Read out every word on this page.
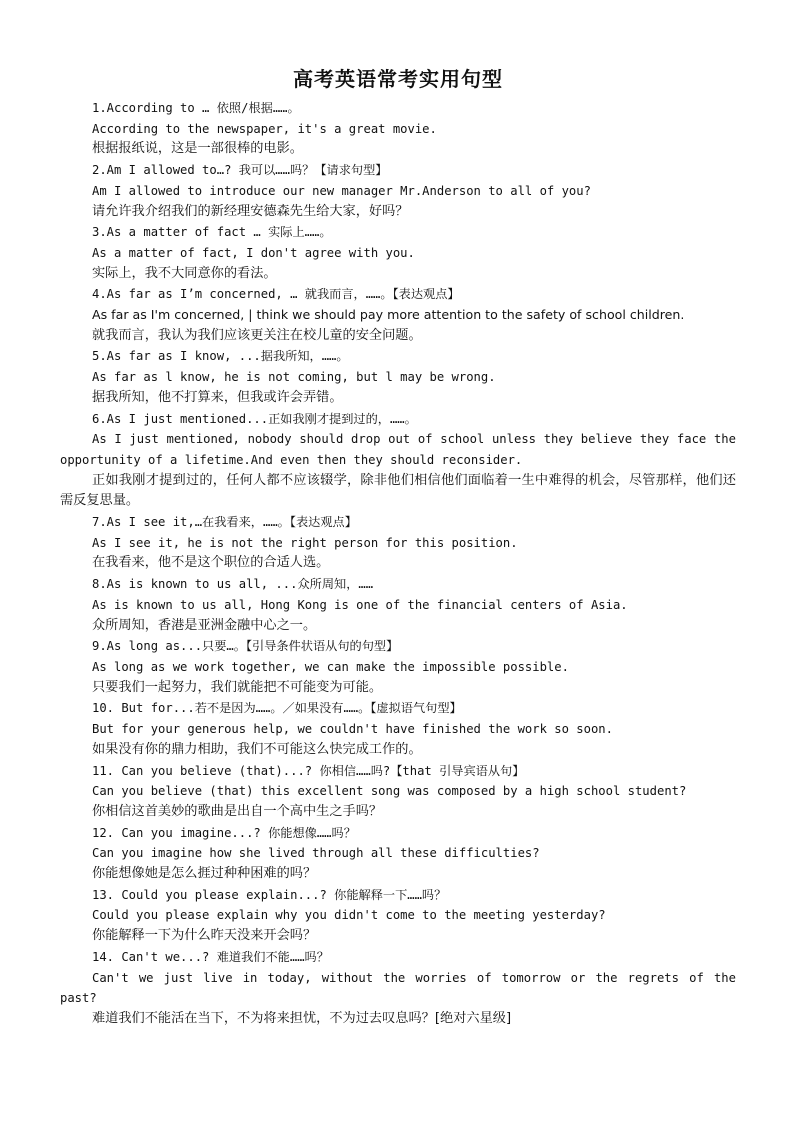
高考英语常考实用句型

1.According to … 依照/根据……。

According to the newspaper, it's a great movie.

根据报纸说，这是一部很棒的电影。

2.Am I allowed to…? 我可以……吗？【请求句型】

Am I allowed to introduce our new manager Mr.Anderson to all of you?

请允许我介绍我们的新经理安德森先生给大家，好吗？

3.As a matter of fact … 实际上……。

As a matter of fact, I don't agree with you.

实际上，我不大同意你的看法。

4.As far as I’m concerned, … 就我而言，……。【表达观点】

As far as I'm concerned, | think we should pay more attention to the safety of school children.

就我而言，我认为我们应该更关注在校儿童的安全问题。

5.As far as I know, ...据我所知，……。

As far as l know, he is not coming, but l may be wrong.

据我所知，他不打算来，但我或许会弄错。

6.As I just mentioned...正如我刚才提到过的，……。

As I just mentioned, nobody should drop out of school unless they believe they face the opportunity of a lifetime.And even then they should reconsider.

正如我刚才提到过的，任何人都不应该辍学，除非他们相信他们面临着一生中难得的机会，尽管那样，他们还需反复思量。

7.As I see it,…在我看来，……。【表达观点】

As I see it, he is not the right person for this position.

在我看来，他不是这个职位的合适人选。

8.As is known to us all, ...众所周知，……

As is known to us all, Hong Kong is one of the financial centers of Asia.

众所周知，香港是亚洲金融中心之一。

9.As long as...只要…。【引导条件状语从句的句型】

As long as we work together, we can make the impossible possible.

只要我们一起努力，我们就能把不可能变为可能。

10. But for...若不是因为……。／如果没有……。【虚拟语气句型】

But for your generous help, we couldn't have finished the work so soon.

如果没有你的鼎力相助，我们不可能这么快完成工作的。

11. Can you believe (that)...? 你相信……吗?【that 引导宾语从句】

Can you believe (that) this excellent song was composed by a high school student?

你相信这首美妙的歌曲是出自一个高中生之手吗？

12. Can you imagine...? 你能想像……吗？

Can you imagine how she lived through all these difficulties?

你能想像她是怎么捱过种种困难的吗？

13. Could you please explain...? 你能解释一下……吗？

Could you please explain why you didn't come to the meeting yesterday?

你能解释一下为什么昨天没来开会吗？

14. Can't we...? 难道我们不能……吗？

Can't we just live in today, without the worries of tomorrow or the regrets of the past?

难道我们不能活在当下，不为将来担忧，不为过去叹息吗？[绝对六星级]
